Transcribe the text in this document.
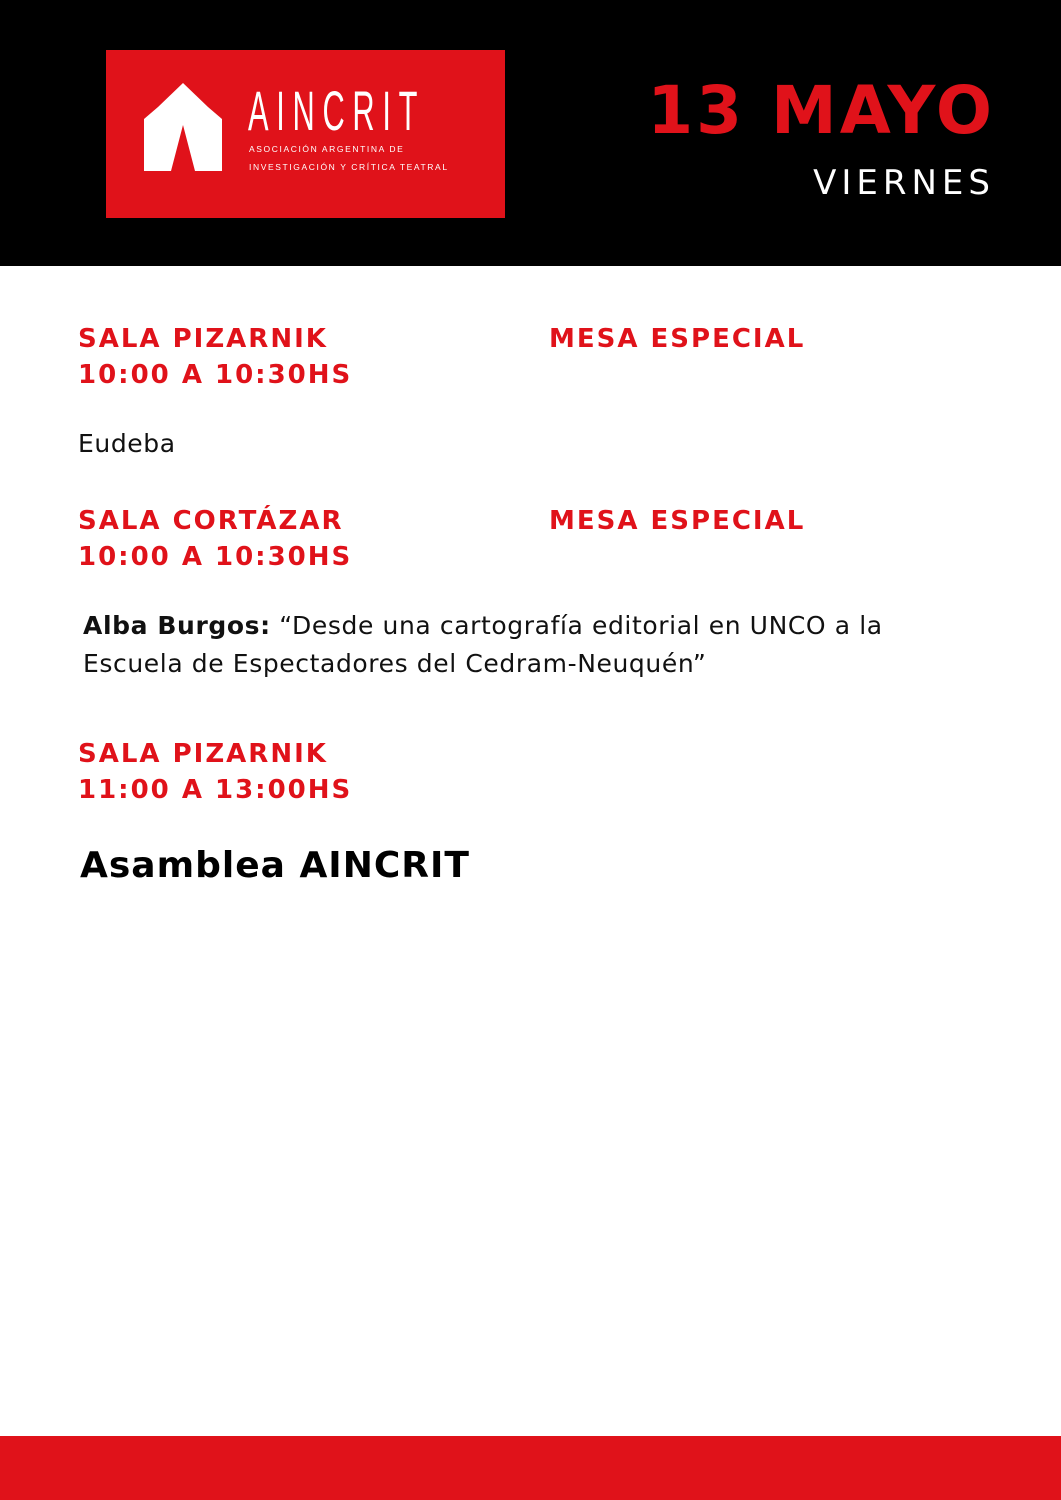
AINCRIT
ASOCIACIÓN ARGENTINA DE
INVESTIGACIÓN Y CRÍTICA TEATRAL
13 MAYO
VIERNES
SALA PIZARNIK
10:00 A 10:30HS
MESA ESPECIAL
Eudeba
SALA CORTÁZAR
10:00 A 10:30HS
MESA ESPECIAL
Alba Burgos: “Desde una cartografía editorial en UNCO a la
Escuela de Espectadores del Cedram-Neuquén”
SALA PIZARNIK
11:00 A 13:00HS
Asamblea AINCRIT
